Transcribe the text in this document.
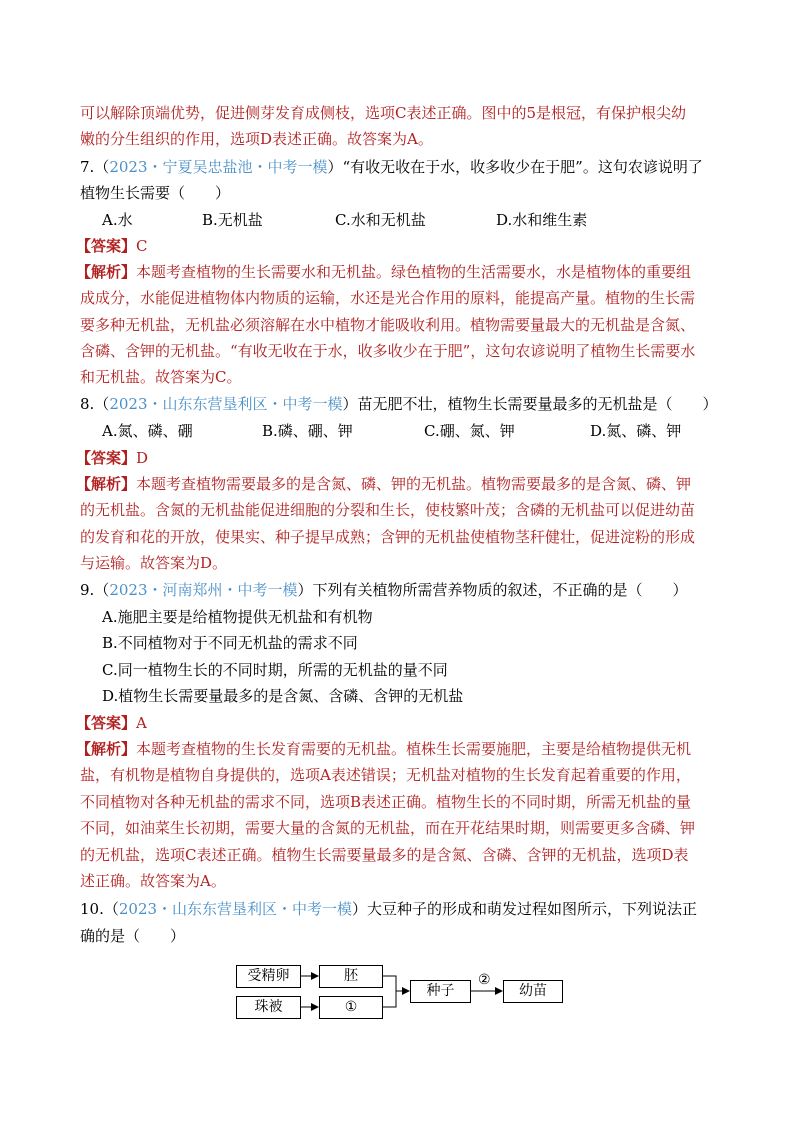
可以解除顶端优势，促进侧芽发育成侧枝，选项C表述正确。图中的5是根冠，有保护根尖幼
嫩的分生组织的作用，选项D表述正确。故答案为A。
7.（2023・宁夏吴忠盐池・中考一模）“有收无收在于水，收多收少在于肥”。这句农谚说明了
植物生长需要（　　）
A.水	B.无机盐	C.水和无机盐	D.水和维生素
【答案】C
【解析】本题考查植物的生长需要水和无机盐。绿色植物的生活需要水，水是植物体的重要组
成成分，水能促进植物体内物质的运输，水还是光合作用的原料，能提高产量。植物的生长需
要多种无机盐，无机盐必须溶解在水中植物才能吸收利用。植物需要量最大的无机盐是含氮、
含磷、含钾的无机盐。“有收无收在于水，收多收少在于肥”，这句农谚说明了植物生长需要水
和无机盐。故答案为C。
8.（2023・山东东营垦利区・中考一模）苗无肥不壮，植物生长需要量最多的无机盐是（　　）
A.氮、磷、硼	B.磷、硼、钾	C.硼、氮、钾	D.氮、磷、钾
【答案】D
【解析】本题考查植物需要最多的是含氮、磷、钾的无机盐。植物需要最多的是含氮、磷、钾
的无机盐。含氮的无机盐能促进细胞的分裂和生长，使枝繁叶茂；含磷的无机盐可以促进幼苗
的发育和花的开放，使果实、种子提早成熟；含钾的无机盐使植物茎秆健壮，促进淀粉的形成
与运输。故答案为D。
9.（2023・河南郑州・中考一模）下列有关植物所需营养物质的叙述，不正确的是（　　）
A.施肥主要是给植物提供无机盐和有机物
B.不同植物对于不同无机盐的需求不同
C.同一植物生长的不同时期，所需的无机盐的量不同
D.植物生长需要量最多的是含氮、含磷、含钾的无机盐
【答案】A
【解析】本题考查植物的生长发育需要的无机盐。植株生长需要施肥，主要是给植物提供无机
盐，有机物是植物自身提供的，选项A表述错误；无机盐对植物的生长发育起着重要的作用，
不同植物对各种无机盐的需求不同，选项B表述正确。植物生长的不同时期，所需无机盐的量
不同，如油菜生长初期，需要大量的含氮的无机盐，而在开花结果时期，则需要更多含磷、钾
的无机盐，选项C表述正确。植物生长需要量最多的是含氮、含磷、含钾的无机盐，选项D表
述正确。故答案为A。
10.（2023・山东东营垦利区・中考一模）大豆种子的形成和萌发过程如图所示，下列说法正
确的是（　　）
受精卵	胚
珠被	①
种子
②
幼苗
